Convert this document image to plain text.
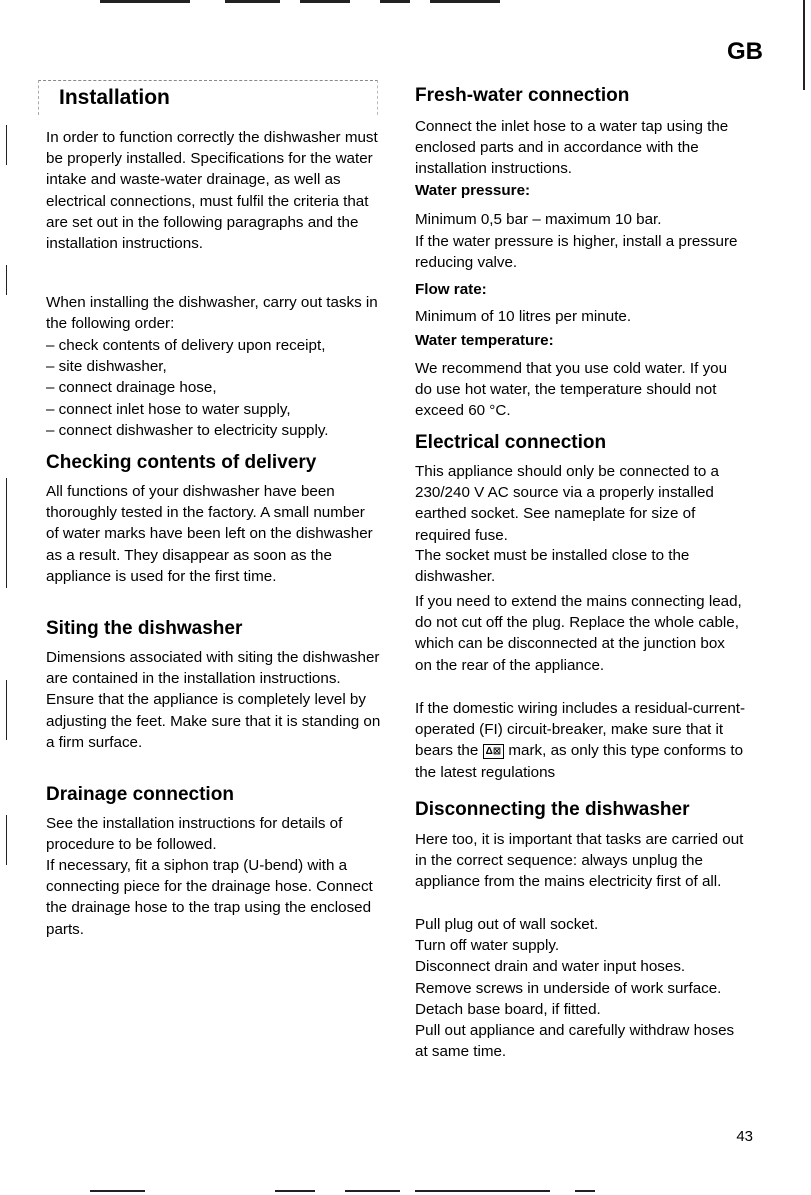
GB
Installation

In order to function correctly the dishwasher must be properly installed. Specifications for the water intake and waste-water drainage, as well as electrical connections, must fulfil the criteria that are set out in the following paragraphs and the installation instructions.

When installing the dishwasher, carry out tasks in the following order:

– check contents of delivery upon receipt,
– site dishwasher,
– connect drainage hose,
– connect inlet hose to water supply,
– connect dishwasher to electricity supply.
Checking contents of delivery

All functions of your dishwasher have been thoroughly tested in the factory. A small number of water marks have been left on the dishwasher as a result. They disappear as soon as the appliance is used for the first time.

Siting the dishwasher

Dimensions associated with siting the dishwasher are contained in the installation instructions. Ensure that the appliance is completely level by adjusting the feet. Make sure that it is standing on a firm surface.

Drainage connection

See the installation instructions for details of procedure to be followed.

If necessary, fit a siphon trap (U-bend) with a connecting piece for the drainage hose. Connect the drainage hose to the trap using the enclosed parts.

Fresh-water connection

Connect the inlet hose to a water tap using the enclosed parts and in accordance with the installation instructions.

Water pressure:

Minimum 0,5 bar – maximum 10 bar.

If the water pressure is higher, install a pressure reducing valve.

Flow rate:

Minimum of 10 litres per minute.

Water temperature:

We recommend that you use cold water. If you do use hot water, the temperature should not exceed 60 °C.

Electrical connection

This appliance should only be connected to a 230/240 V AC source via a properly installed earthed socket. See nameplate for size of required fuse.

The socket must be installed close to the dishwasher.

If you need to extend the mains connecting lead, do not cut off the plug. Replace the whole cable, which can be disconnected at the junction box on the rear of the appliance.

If the domestic wiring includes a residual-current-operated (FI) circuit-breaker, make sure that it bears the Δ⊠ mark, as only this type conforms to the latest regulations

Disconnecting the dishwasher

Here too, it is important that tasks are carried out in the correct sequence: always unplug the appliance from the mains electricity first of all.

Pull plug out of wall socket.
Turn off water supply.
Disconnect drain and water input hoses.
Remove screws in underside of work surface. Detach base board, if fitted.
Pull out appliance and carefully withdraw hoses at same time.
43
